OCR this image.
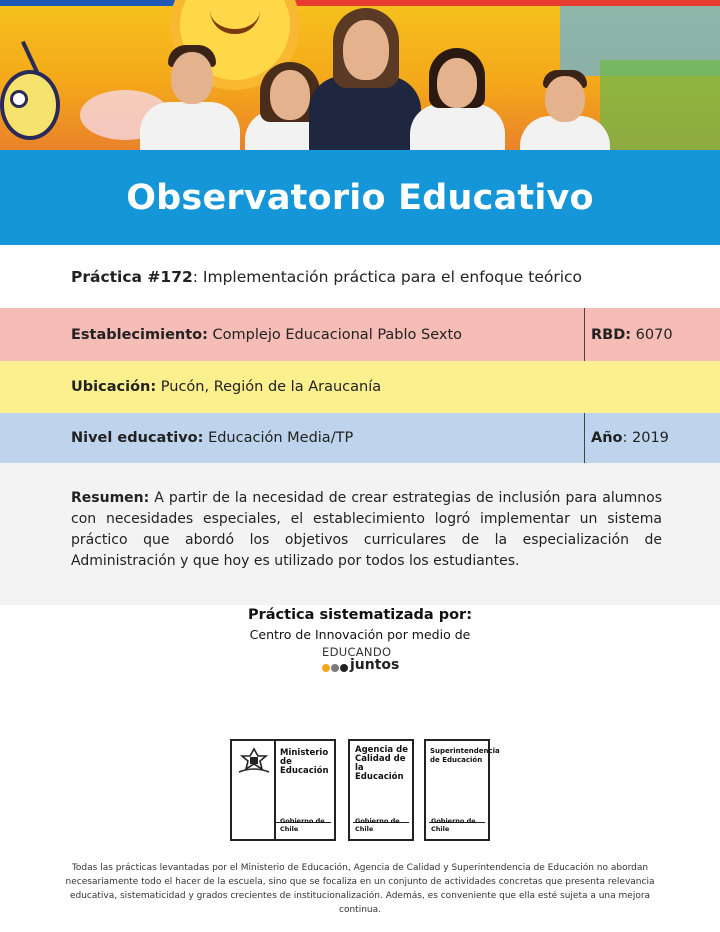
Observatorio Educativo
Práctica #172 : Implementación práctica para el enfoque teórico
Establecimiento:
Complejo Educacional Pablo Sexto	RBD:
6070
Ubicación:
Pucón, Región de la Araucanía
Nivel educativo:
Educación Media/TP	Año : 2019

Resumen: A partir de la necesidad de crear estrategias de inclusión para alumnos con necesidades especiales, el establecimiento logró implementar un sistema práctico que abordó los objetivos curriculares de la especialización de Administración y que hoy es utilizado por todos los estudiantes.

Práctica sistematizada por:
Centro de Innovación por medio de
EDUCANDO
juntos
Ministerio de Educación
Gobierno de Chile
Agencia de Calidad de la Educación
Gobierno de Chile
Superintendencia de Educación
Gobierno de Chile
Todas las prácticas levantadas por el Ministerio de Educación, Agencia de Calidad y Superintendencia de Educación no abordan necesariamente todo el hacer de la escuela, sino que se focaliza en un conjunto de actividades concretas que presenta relevancia educativa, sistematicidad y grados crecientes de institucionalización. Además, es conveniente que ella esté sujeta a una mejora continua.
